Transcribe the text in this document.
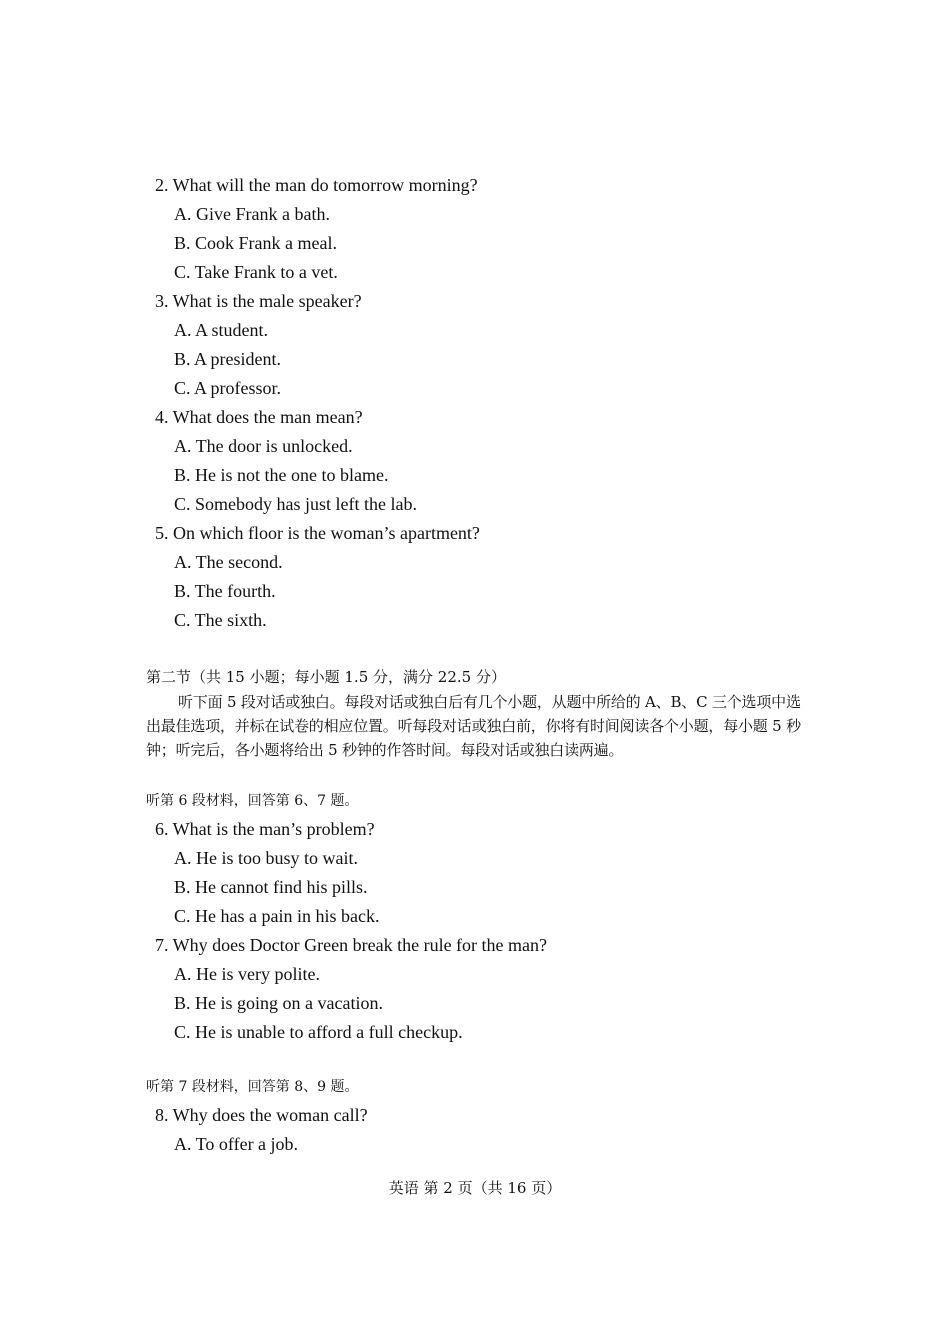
2. What will the man do tomorrow morning?
A. Give Frank a bath.
B. Cook Frank a meal.
C. Take Frank to a vet.
3. What is the male speaker?
A. A student.
B. A president.
C. A professor.
4. What does the man mean?
A. The door is unlocked.
B. He is not the one to blame.
C. Somebody has just left the lab.
5. On which floor is the woman’s apartment?
A. The second.
B. The fourth.
C. The sixth.
第二节（共 15 小题；每小题 1.5 分，满分 22.5 分）
听下面 5 段对话或独白。每段对话或独白后有几个小题，从题中所给的 A、B、C 三个选项中选出最佳选项，并标在试卷的相应位置。听每段对话或独白前，你将有时间阅读各个小题，每小题 5 秒钟；听完后，各小题将给出 5 秒钟的作答时间。每段对话或独白读两遍。
听第 6 段材料，回答第 6、7 题。
6. What is the man’s problem?
A. He is too busy to wait.
B. He cannot find his pills.
C. He has a pain in his back.
7. Why does Doctor Green break the rule for the man?
A. He is very polite.
B. He is going on a vacation.
C. He is unable to afford a full checkup.
听第 7 段材料，回答第 8、9 题。
8. Why does the woman call?
A. To offer a job.
英语 第 2 页（共 16 页）
